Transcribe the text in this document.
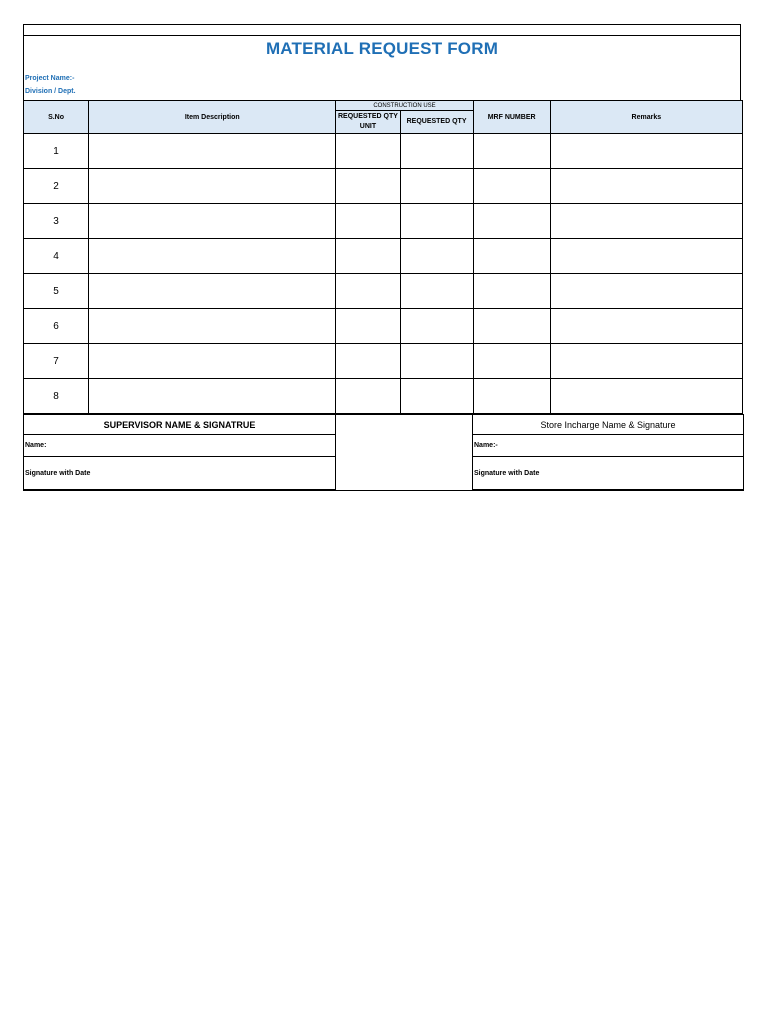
MATERIAL REQUEST FORM
Project Name:-
Division / Dept.
S.No	Item Description	CONSTRUCTION USE		MRF NUMBER	Remarks
		REQUESTED QTY UNIT	REQUESTED QTY		
1					
2					
3					
4					
5					
6					
7					
8					
SUPERVISOR NAME & SIGNATRUE		Store Incharge Name & Signature
Name:		Name:-
Signature with Date		Signature with Date
